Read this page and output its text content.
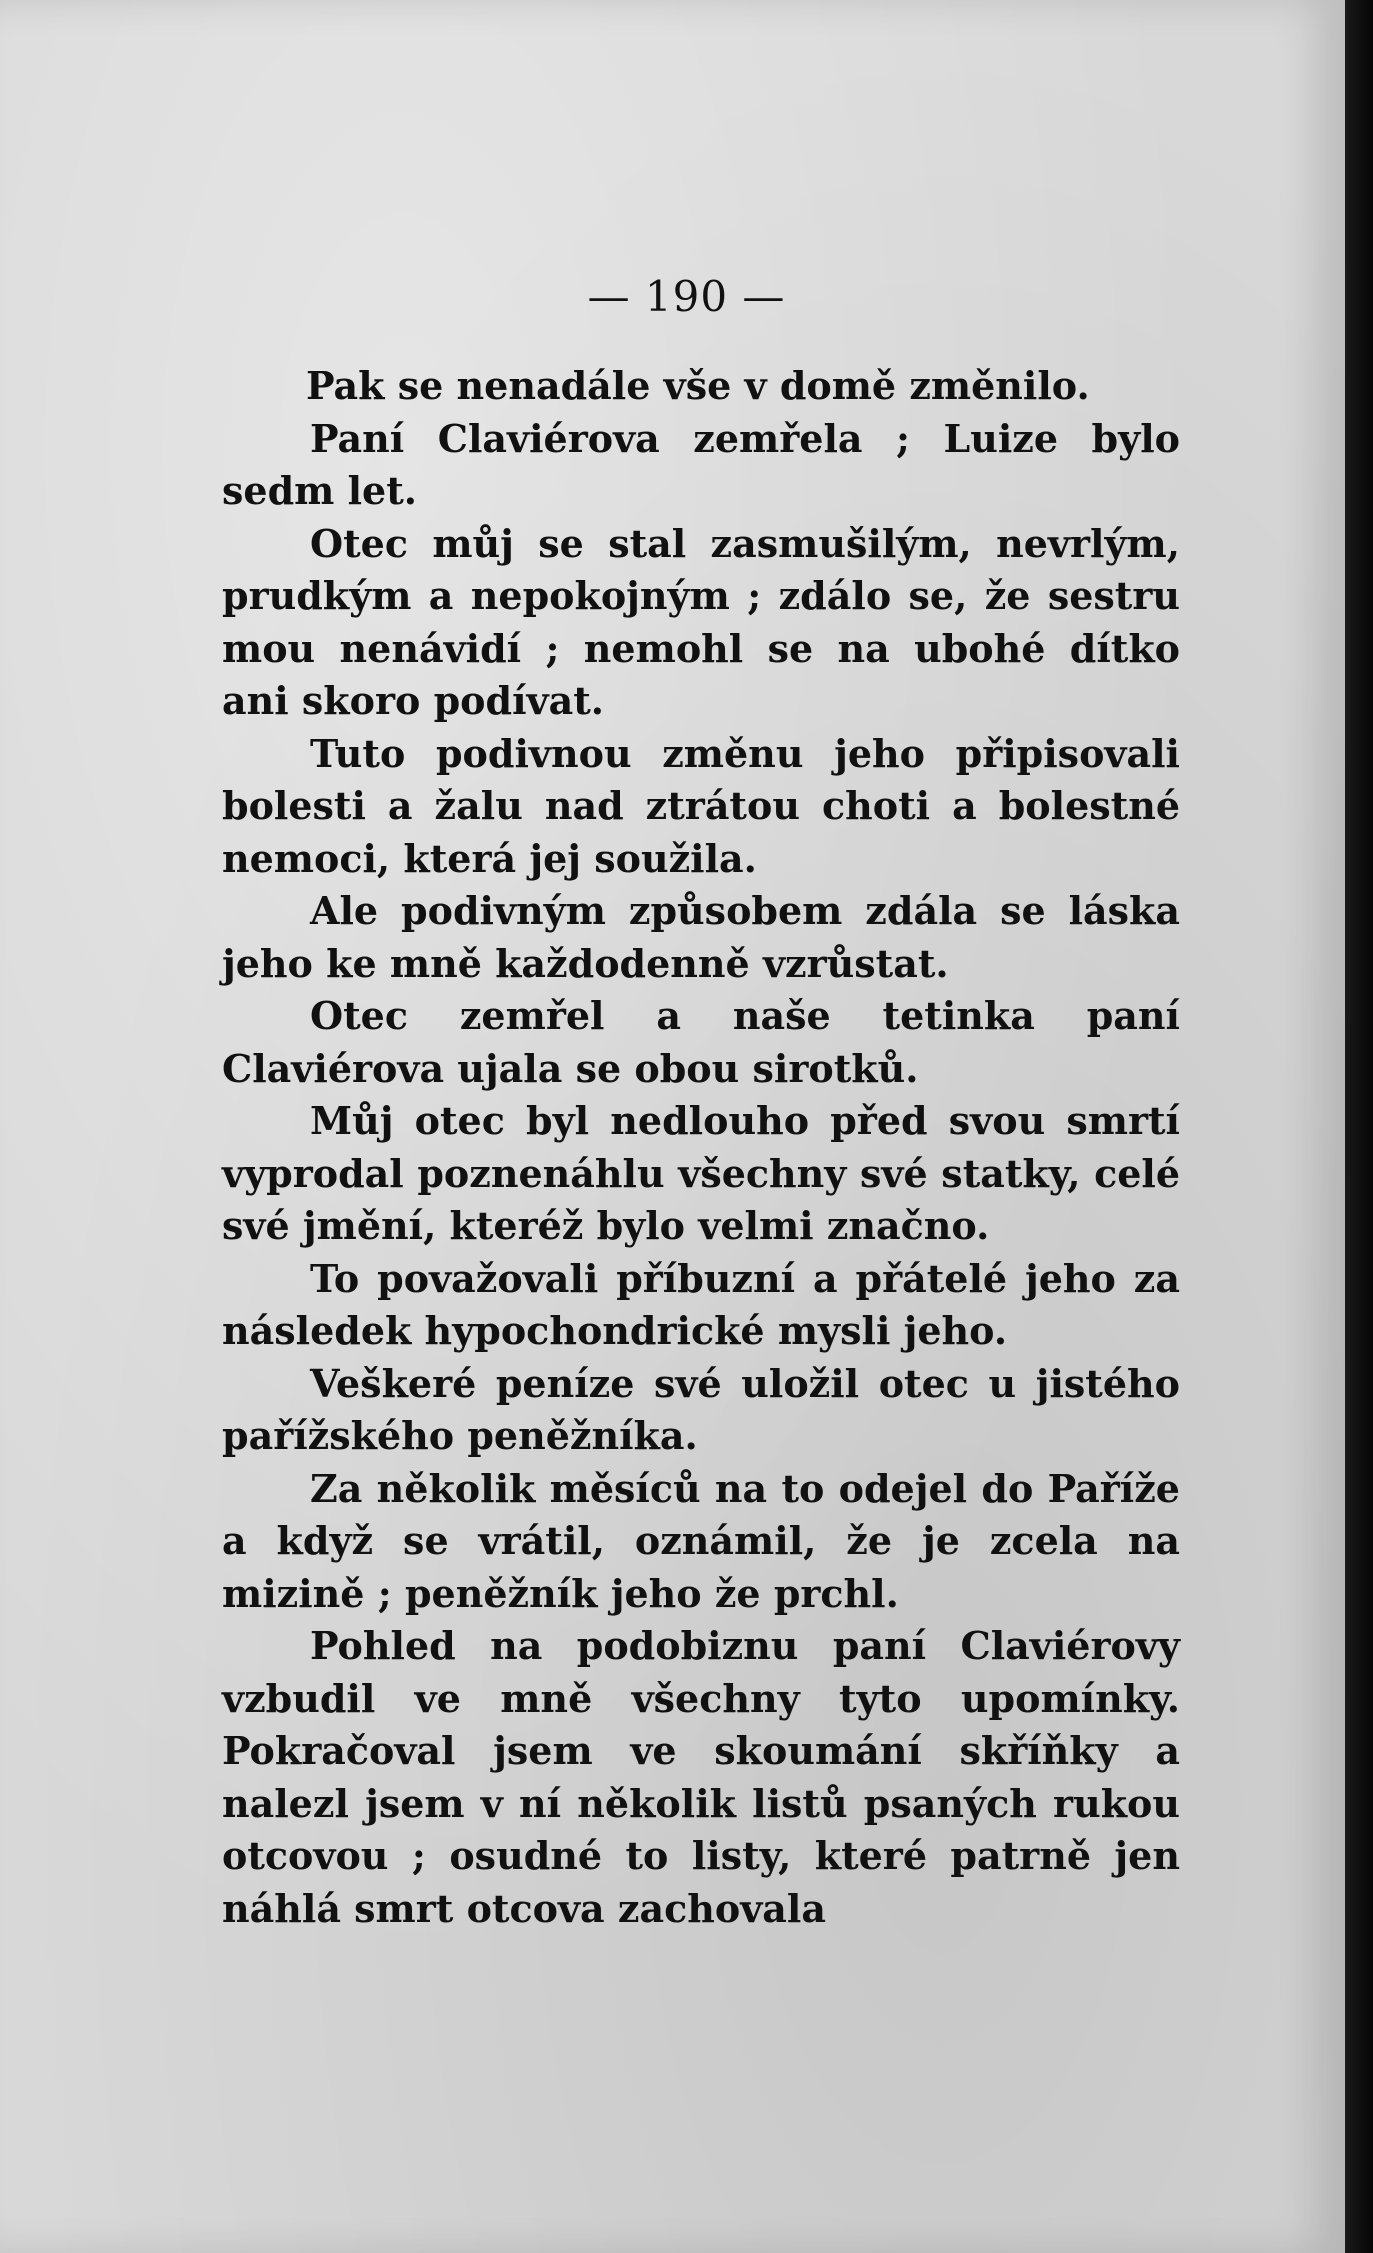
— 190 —

Pak se nenadále vše v domě změnilo.

Paní Claviérova zemřela ; Luize bylo sedm let.

Otec můj se stal zasmušilým, nevrlým, prudkým a nepokojným ; zdálo se, že sestru mou nenávidí ; nemohl se na ubohé dítko ani skoro podívat.

Tuto podivnou změnu jeho připisovali bolesti a žalu nad ztrátou choti a bolestné nemoci, která jej soužila.

Ale podivným způsobem zdála se láska jeho ke mně každodenně vzrůstat.

Otec zemřel a naše tetinka paní Claviérova ujala se obou sirotků.

Můj otec byl nedlouho před svou smrtí vyprodal poznenáhlu všechny své statky, celé své jmění, kteréž bylo velmi značno.

To považovali příbuzní a přátelé jeho za následek hypochondrické mysli jeho.

Veškeré peníze své uložil otec u jistého pařížského peněžníka.

Za několik měsíců na to odejel do Paříže a když se vrátil, oznámil, že je zcela na mizině ; peněžník jeho že prchl.

Pohled na podobiznu paní Claviérovy vzbudil ve mně všechny tyto upomínky. Pokračoval jsem ve skoumání skříňky a nalezl jsem v ní několik listů psaných rukou otcovou ; osudné to listy, které patrně jen náhlá smrt otcova zachovala
